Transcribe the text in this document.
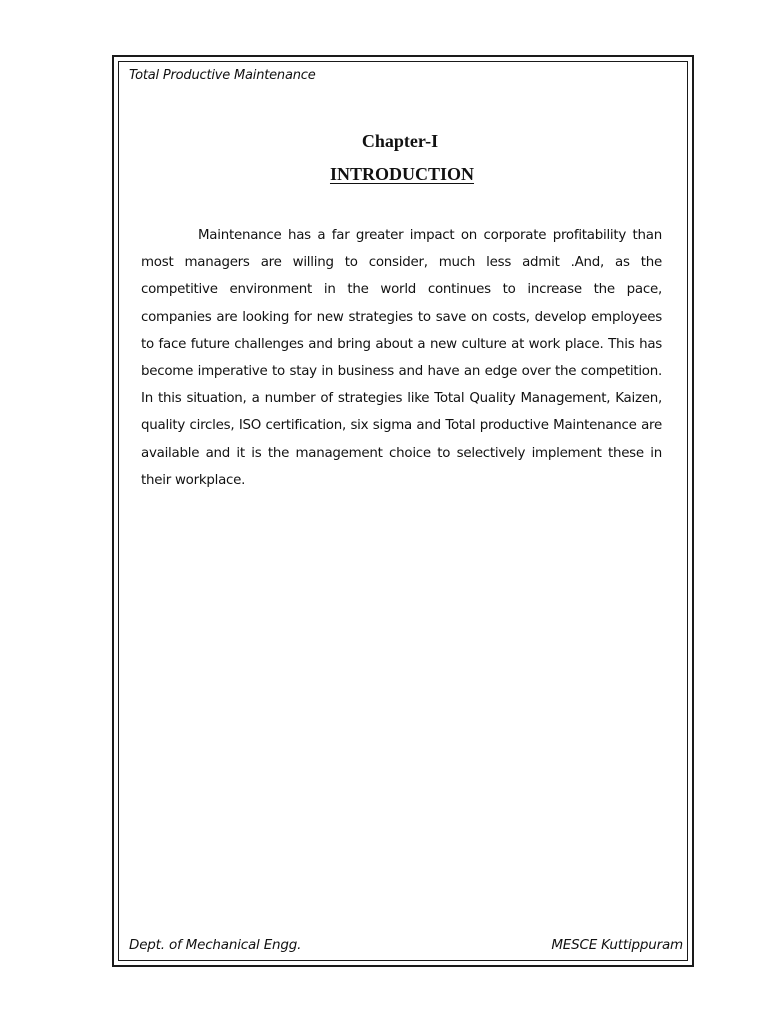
Total Productive Maintenance
Chapter-I
INTRODUCTION

Maintenance has a far greater impact on corporate profitability than most managers are willing to consider, much less admit .And, as the competitive environment in the world continues to increase the pace, companies are looking for new strategies to save on costs, develop employees to face future challenges and bring about a new culture at work place. This has become imperative to stay in business and have an edge over the competition. In this situation, a number of strategies like Total Quality Management, Kaizen, quality circles, ISO certification, six sigma and Total productive Maintenance are available and it is the management choice to selectively implement these in their workplace.

Dept. of Mechanical Engg.	MESCE Kuttippuram
